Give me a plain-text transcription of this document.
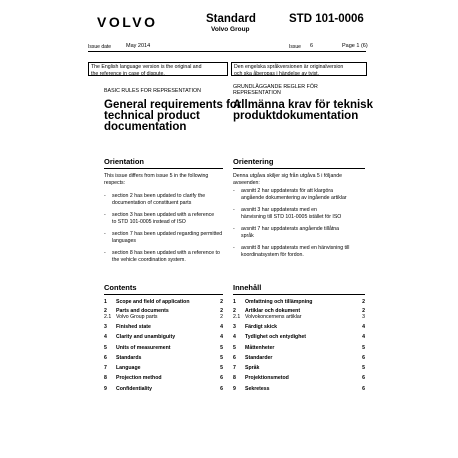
VOLVO	Standard
Volvo Group
STD 101-0006
Issue date	May 2014	Issue 6	Page 1 (6)
The English language version is the original and
the reference in case of dispute.
Den engelska språkversionen är originalversion
och ska åberopas i händelse av tvist.
BASIC RULES FOR REPRESENTATION
GRUNDLÄGGANDE REGLER FÖR
REPRESENTATION
General requirements for
technical product
documentation
Allmänna krav för teknisk
produktdokumentation
Orientation	Orientering
This issue differs from issue 5 in the following
respects:
Denna utgåva skiljer sig från utgåva 5 i följande
avseenden:
- section 2 has been updated to clarify the
documentation of constituent parts
- section 3 has been updated with a reference
to STD 101-0005 instead of ISO
- section 7 has been updated regarding permitted
languages
- section 8 has been updated with a reference to
the vehicle coordination system.
- avsnitt 2 har uppdaterats för att klargöra
angående dokumentering av ingående artiklar
- avsnitt 3 har uppdaterats med en
hänvisning till STD 101-0005 istället för ISO
- avsnitt 7 har uppdaterats angående tillåtna
språk
- avsnitt 8 har uppdaterats med en hänvisning till
koordinatsystem för fordon.
Contents	Innehåll
1 Scope and field of application	2
2 Parts and documents	2
2.1 Volvo Group parts	2
3 Finished state	4
4 Clarity and unambiguity	4
5 Units of measurement	5
6 Standards	5
7 Language	5
8 Projection method	6
9 Confidentiality	6
1 Omfattning och tillämpning	2
2 Artiklar och dokument	2
2.1 Volvokoncernens artiklar	3
3 Färdigt skick	4
4 Tydlighet och entydighet	4
5 Måttenheter	5
6 Standarder	6
7 Språk	5
8 Projektionsmetod	6
9 Sekretess	6
